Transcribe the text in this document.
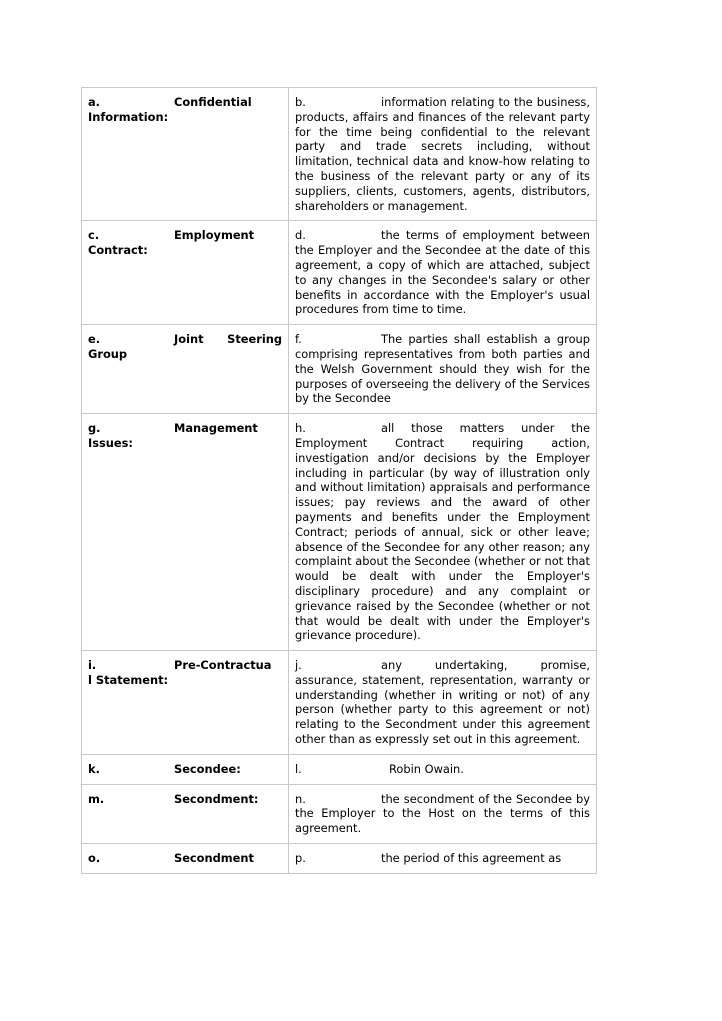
a. Confidential
Information:	b. information relating to the business, products, affairs and finances of the relevant party for the time being confidential to the relevant party and trade secrets including, without limitation, technical data and know-how relating to the business of the relevant party or any of its suppliers, clients, customers, agents, distributors, shareholders or management.

c. Employment
Contract:	d. the terms of employment between the Employer and the Secondee at the date of this agreement, a copy of which are attached, subject to any changes in the Secondee's salary or other benefits in accordance with the Employer's usual procedures from time to time.

e. Joint Steering
Group	f. The parties shall establish a group comprising representatives from both parties and the Welsh Government should they wish for the purposes of overseeing the delivery of the Services by the Secondee

g. Management
Issues:	h. all those matters under the Employment Contract requiring action, investigation and/or decisions by the Employer including in particular (by way of illustration only and without limitation) appraisals and performance issues; pay reviews and the award of other payments and benefits under the Employment Contract; periods of annual, sick or other leave; absence of the Secondee for any other reason; any complaint about the Secondee (whether or not that would be dealt with under the Employer's disciplinary procedure) and any complaint or grievance raised by the Secondee (whether or not that would be dealt with under the Employer's grievance procedure).

i. Pre-Contractua
l Statement:	j. any undertaking, promise, assurance, statement, representation, warranty or understanding (whether in writing or not) of any person (whether party to this agreement or not) relating to the Secondment under this agreement other than as expressly set out in this agreement.

k. Secondee:	l. Robin Owain.

m. Secondment:	n. the secondment of the Secondee by the Employer to the Host on the terms of this agreement.

o. Secondment	p. the period of this agreement as
